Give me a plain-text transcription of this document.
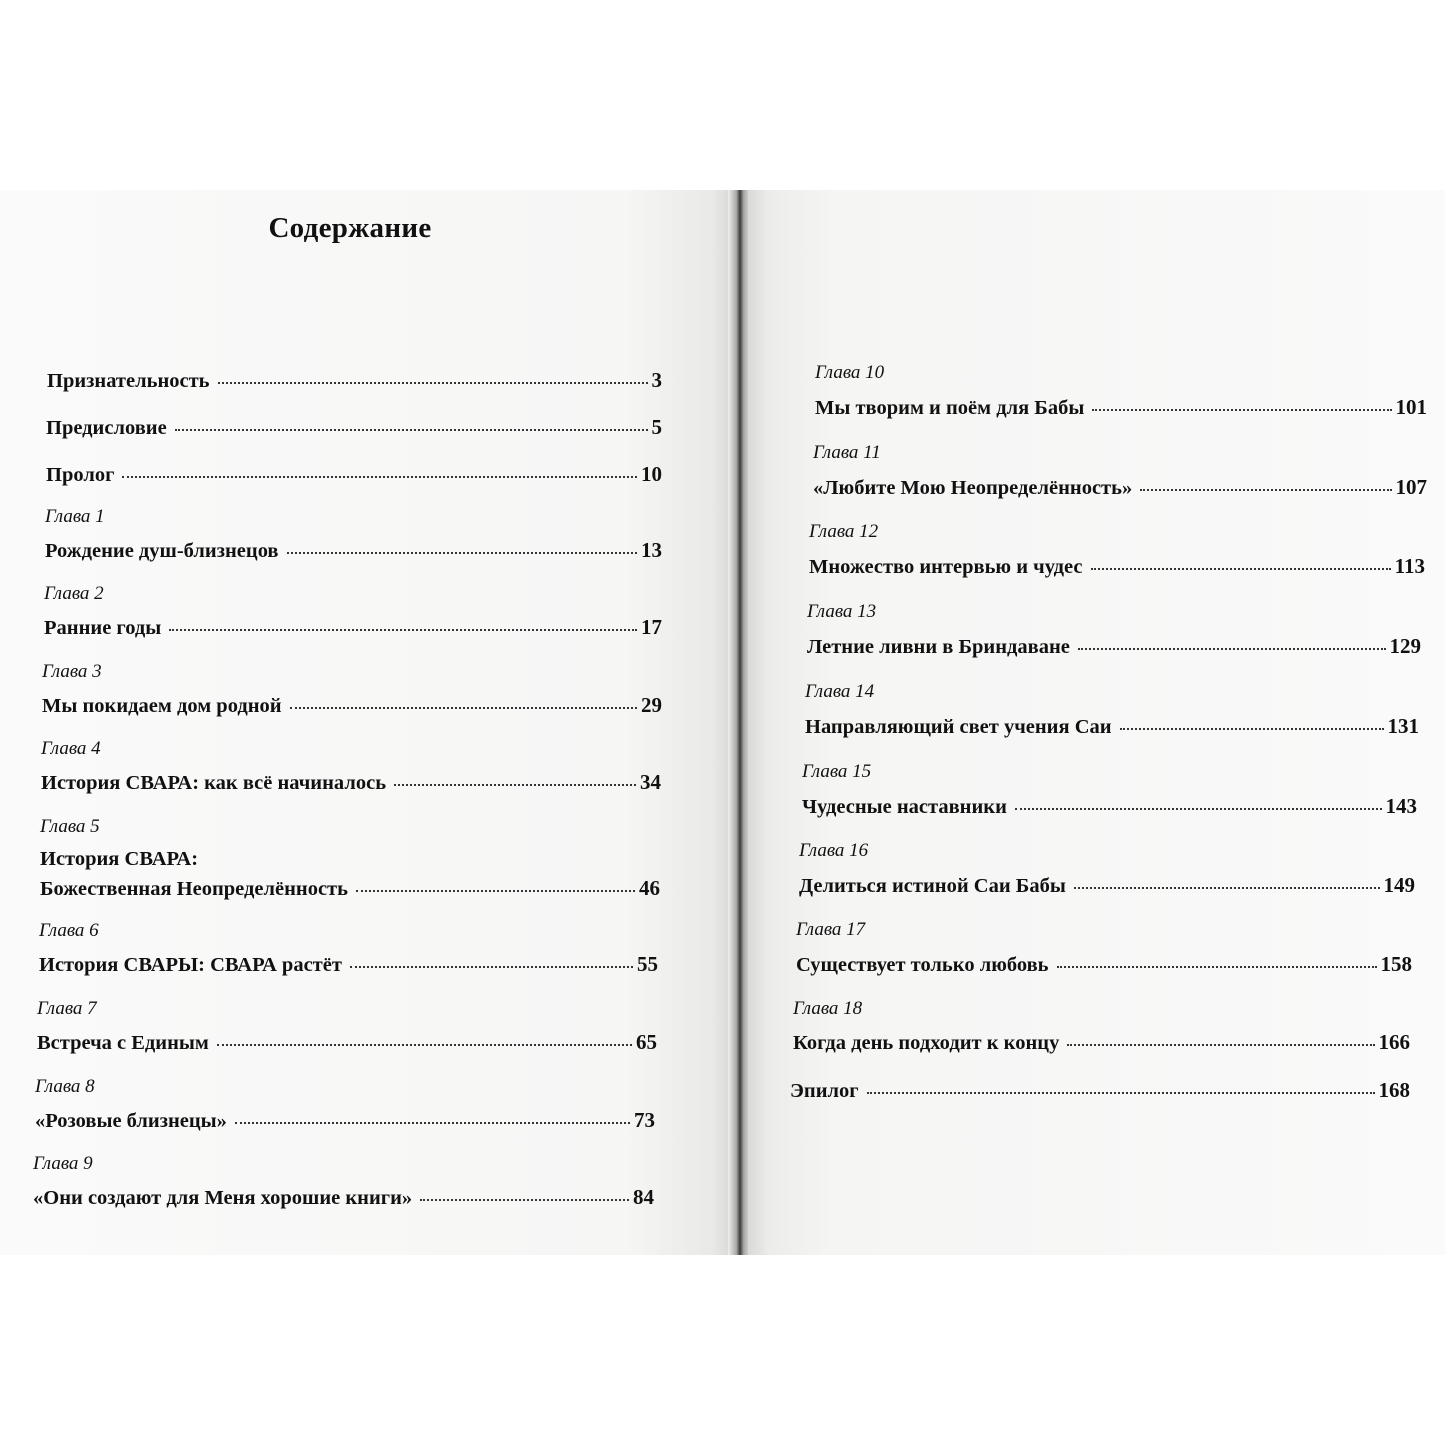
Содержание
Признательность	3
Предисловие	5
Пролог	10
Глава 1
Рождение душ-близнецов	13
Глава 2
Ранние годы	17
Глава 3
Мы покидаем дом родной	29
Глава 4
История СВАРА: как всё начиналось	34
Глава 5
История СВАРА:
Божественная Неопределённость	46
Глава 6
История СВАРЫ: СВАРА растёт	55
Глава 7
Встреча с Единым	65
Глава 8
«Розовые близнецы»	73
Глава 9
«Они создают для Меня хорошие книги»	84
Глава 10
Мы творим и поём для Бабы	101
Глава 11
«Любите Мою Неопределённость»	107
Глава 12
Множество интервью и чудес	113
Глава 13
Летние ливни в Бриндаване	129
Глава 14
Направляющий свет учения Саи	131
Глава 15
Чудесные наставники	143
Глава 16
Делиться истиной Саи Бабы	149
Глава 17
Существует только любовь	158
Глава 18
Когда день подходит к концу	166
Эпилог	168
